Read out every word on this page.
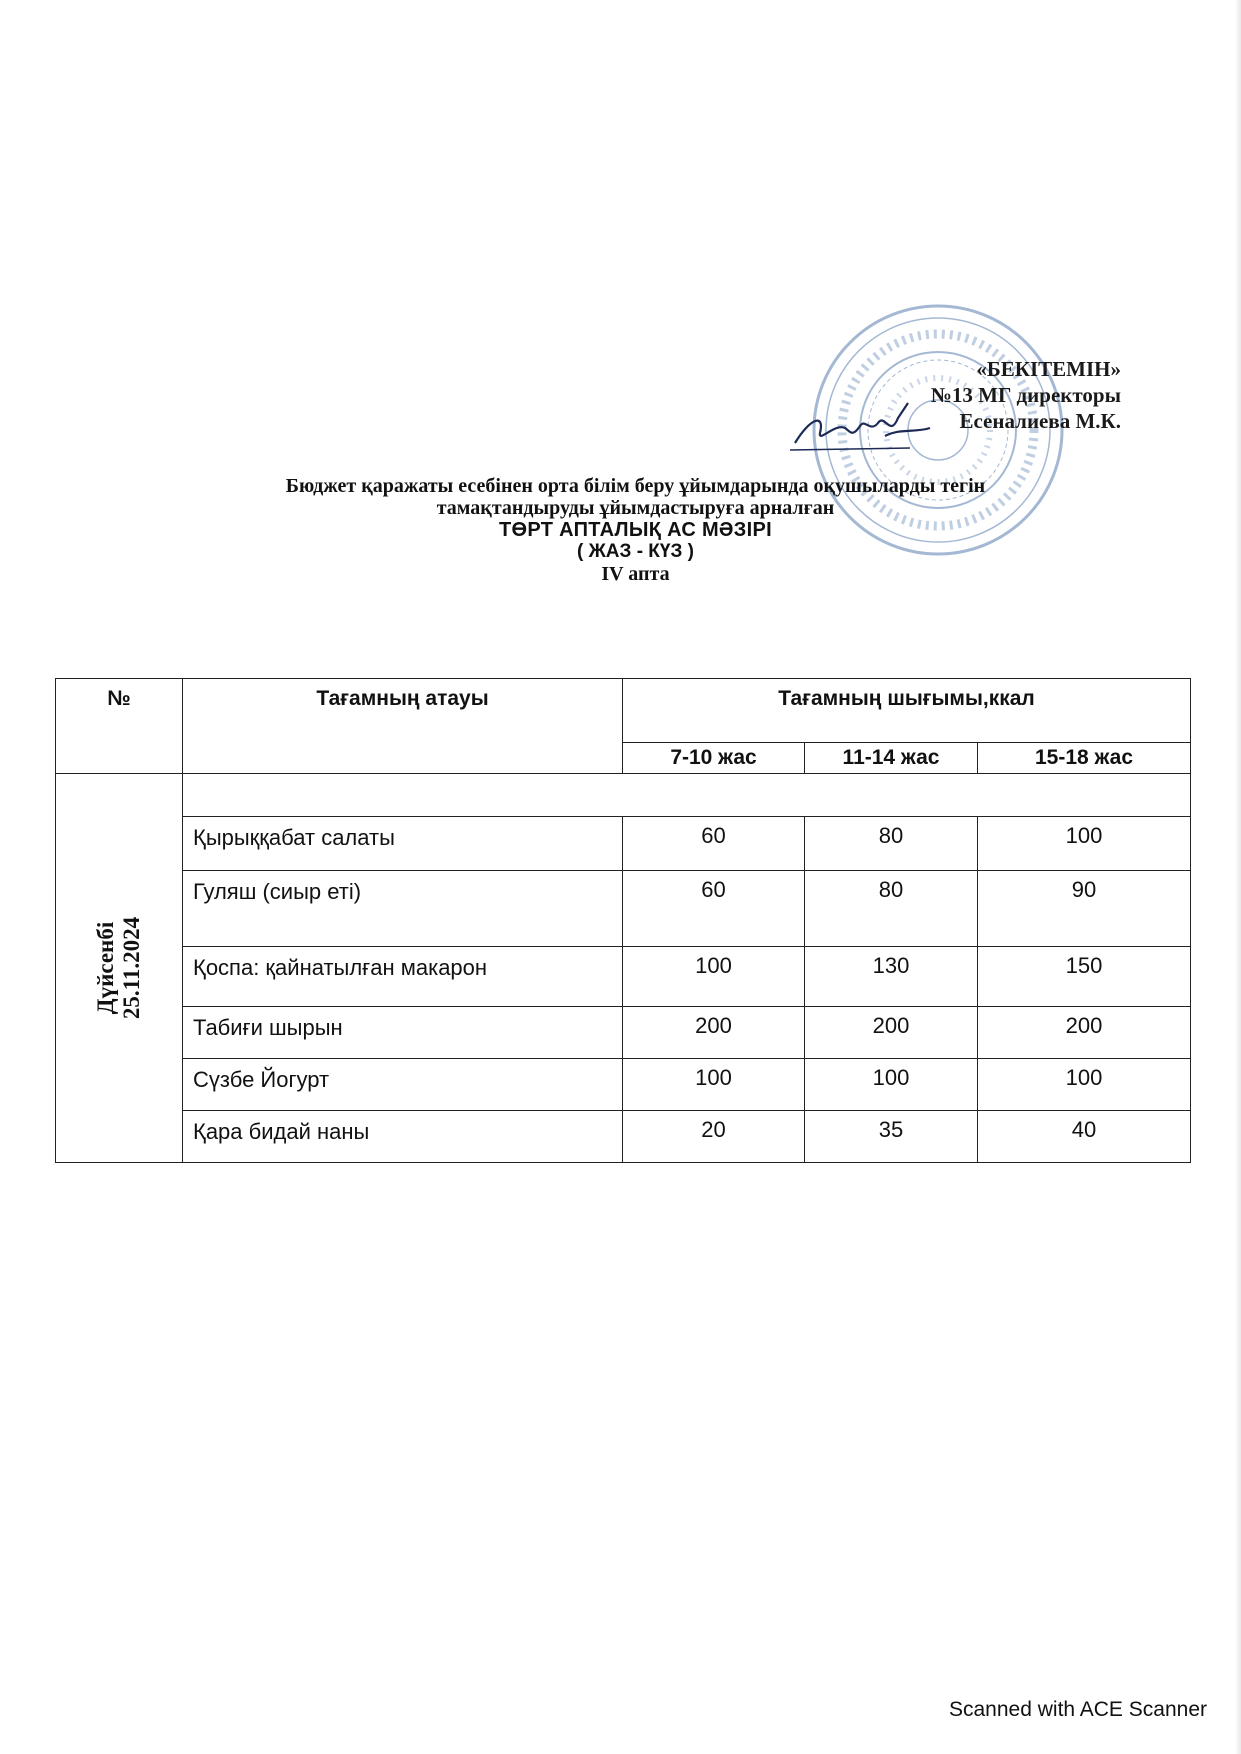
«БЕКІТЕМІН»
№13 МГ директоры
Есеналиева М.К.
Бюджет қаражаты есебінен орта білім беру ұйымдарында оқушыларды тегін
тамақтандыруды ұйымдастыруға арналған
ТӨРТ АПТАЛЫҚ АС МӘЗІРІ
( ЖАЗ - КҮЗ )
IV апта
№	Тағамның атауы	Тағамның шығымы,ккал		
		7-10 жас	11-14 жас	15-18 жас
Дүйсенбі
25.11.2024				
	Қырыққабат салаты	60	80	100
	Гуляш (сиыр еті)	60	80	90
	Қоспа: қайнатылған макарон	100	130	150
	Табиғи шырын	200	200	200
	Сүзбе Йогурт	100	100	100
	Қара бидай наны	20	35	40
Scanned with ACE Scanner
